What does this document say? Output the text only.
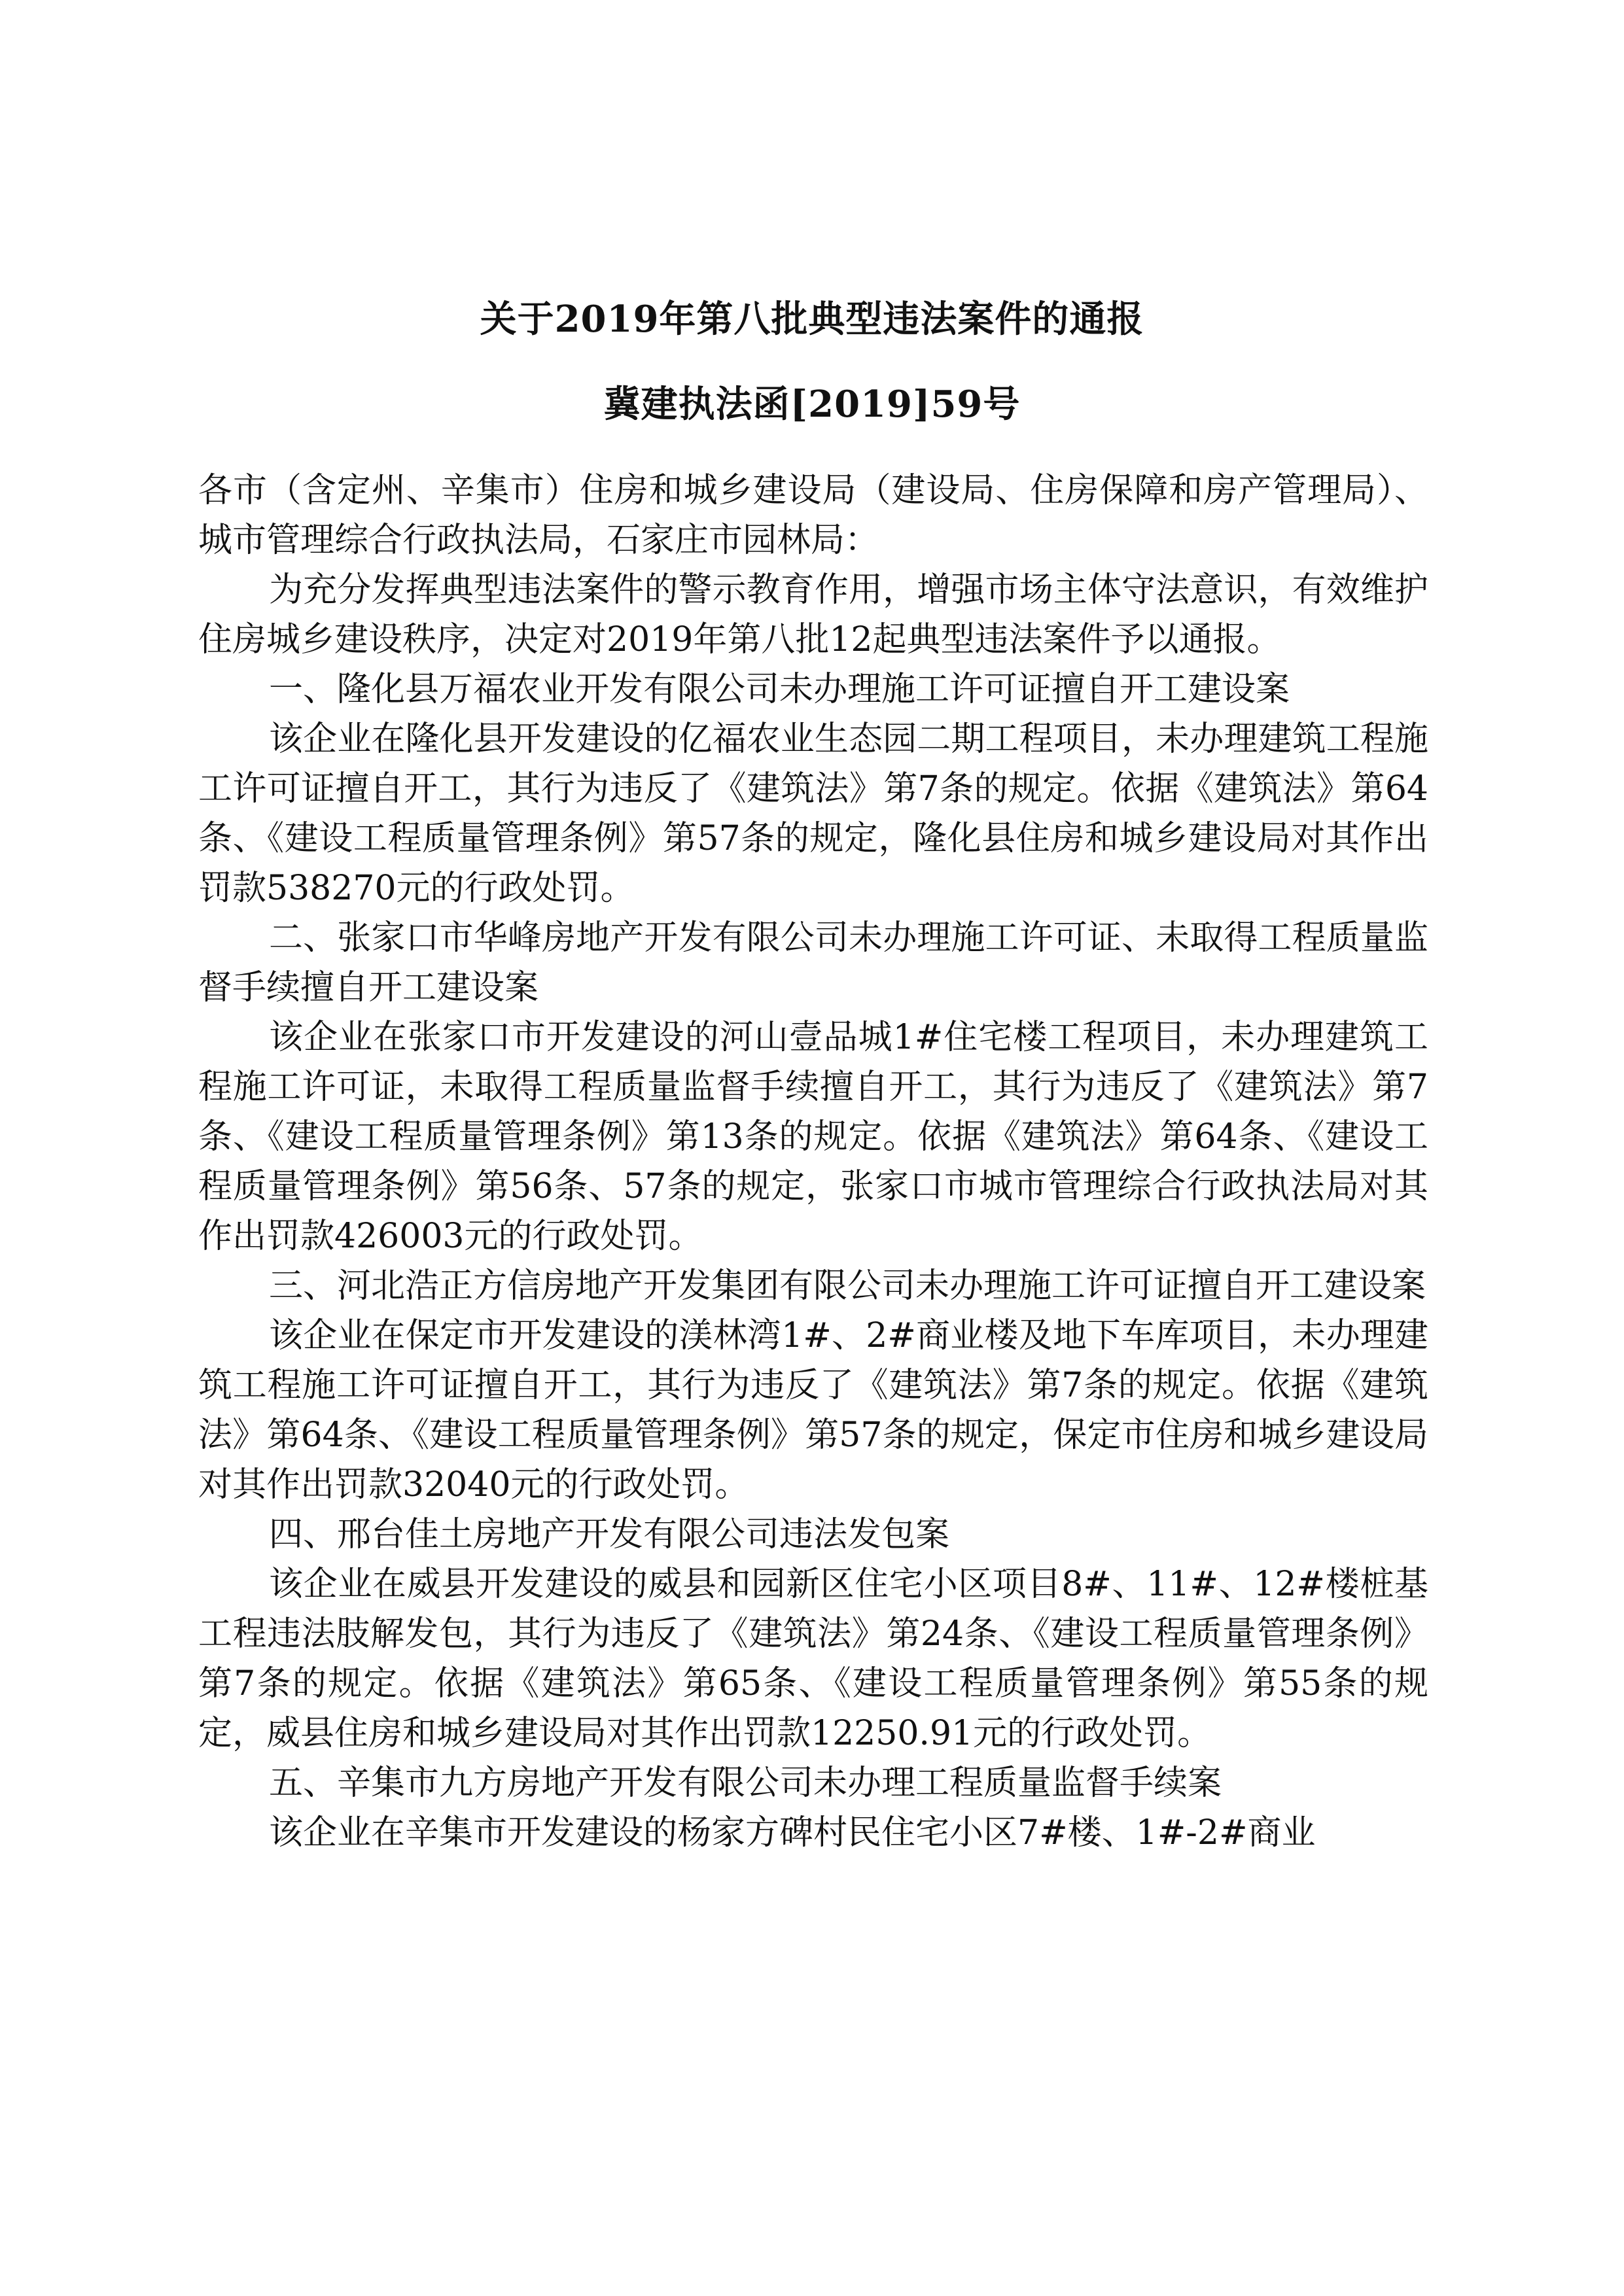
关于2019年第八批典型违法案件的通报
冀建执法函[2019]59号

各市（含定州、辛集市）住房和城乡建设局（建设局、住房保障和房产管理局）、城市管理综合行政执法局，石家庄市园林局：

为充分发挥典型违法案件的警示教育作用，增强市场主体守法意识，有效维护住房城乡建设秩序，决定对2019年第八批12起典型违法案件予以通报。

一、隆化县万福农业开发有限公司未办理施工许可证擅自开工建设案

该企业在隆化县开发建设的亿福农业生态园二期工程项目，未办理建筑工程施工许可证擅自开工，其行为违反了《建筑法》第7条的规定。依据《建筑法》第64条、《建设工程质量管理条例》第57条的规定，隆化县住房和城乡建设局对其作出罚款538270元的行政处罚。

二、张家口市华峰房地产开发有限公司未办理施工许可证、未取得工程质量监督手续擅自开工建设案

该企业在张家口市开发建设的河山壹品城1#住宅楼工程项目，未办理建筑工程施工许可证，未取得工程质量监督手续擅自开工，其行为违反了《建筑法》第7条、《建设工程质量管理条例》第13条的规定。依据《建筑法》第64条、《建设工程质量管理条例》第56条、57条的规定，张家口市城市管理综合行政执法局对其作出罚款426003元的行政处罚。

三、河北浩正方信房地产开发集团有限公司未办理施工许可证擅自开工建设案

该企业在保定市开发建设的渼林湾1#、2#商业楼及地下车库项目，未办理建筑工程施工许可证擅自开工，其行为违反了《建筑法》第7条的规定。依据《建筑法》第64条、《建设工程质量管理条例》第57条的规定，保定市住房和城乡建设局对其作出罚款32040元的行政处罚。

四、邢台佳土房地产开发有限公司违法发包案

该企业在威县开发建设的威县和园新区住宅小区项目8#、11#、12#楼桩基工程违法肢解发包，其行为违反了《建筑法》第24条、《建设工程质量管理条例》第7条的规定。依据《建筑法》第65条、《建设工程质量管理条例》第55条的规定，威县住房和城乡建设局对其作出罚款12250.91元的行政处罚。

五、辛集市九方房地产开发有限公司未办理工程质量监督手续案

该企业在辛集市开发建设的杨家方碑村民住宅小区7#楼、1#-2#商业
